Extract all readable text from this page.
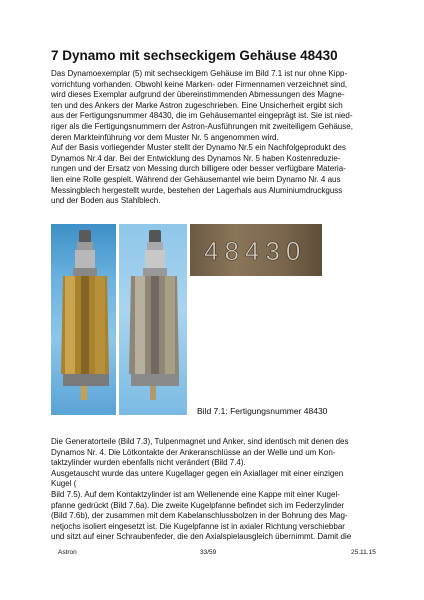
7 Dynamo mit sechseckigem Gehäuse 48430
Das Dynamoexemplar (5) mit sechseckigem Gehäuse im Bild 7.1 ist nur ohne Kipp-
vorrichtung vorhanden. Obwohl keine Marken- oder Firmennamen verzeichnet sind,
wird dieses Exemplar aufgrund der übereinstimmenden Abmessungen des Magne-
ten und des Ankers der Marke Astron zugeschrieben. Eine Unsicherheit ergibt sich
aus der Fertigungsnummer 48430, die im Gehäusemantel eingeprägt ist. Sie ist nied-
riger als die Fertigungsnummern der Astron-Ausführungen mit zweiteiligem Gehäuse,
deren Markteinführung vor dem Muster Nr. 5 angenommen wird.
Auf der Basis vorliegender Muster stellt der Dynamo Nr.5 ein Nachfolgeprodukt des
Dynamos Nr.4 dar. Bei der Entwicklung des Dynamos Nr. 5 haben Kostenreduzie-
rungen und der Ersatz von Messing durch billigere oder besser verfügbare Materia-
lien eine Rolle gespielt. Während der Gehäusemantel wie beim Dynamo Nr. 4 aus
Messingblech hergestellt wurde, bestehen der Lagerhals aus Aluminiumdruckguss
und der Boden aus Stahlblech.
48430
Bild 7.1: Fertigungsnummer 48430
Die Generatorteile (Bild 7.3), Tulpenmagnet und Anker, sind identisch mit denen des
Dynamos Nr. 4. Die Lötkontakte der Ankeranschlüsse an der Welle und um Kon-
taktzylinder wurden ebenfalls nicht verändert (Bild 7.4).
Ausgetauscht wurde das untere Kugellager gegen ein Axiallager mit einer einzigen
Kugel (
Bild 7.5). Auf dem Kontaktzylinder ist am Wellenende eine Kappe mit einer Kugel-
pfanne gedrückt (Bild 7.6a). Die zweite Kugelpfanne befindet sich im Federzylinder
(Bild 7.6b), der zusammen mit dem Kabelanschlussbolzen in der Bohrung des Mag-
netjochs isoliert eingesetzt ist. Die Kugelpfanne ist in axialer Richtung verschiebbar
und sitzt auf einer Schraubenfeder, die den Axialspielausgleich übernimmt. Damit die
Astron	33/59	25.11.15
